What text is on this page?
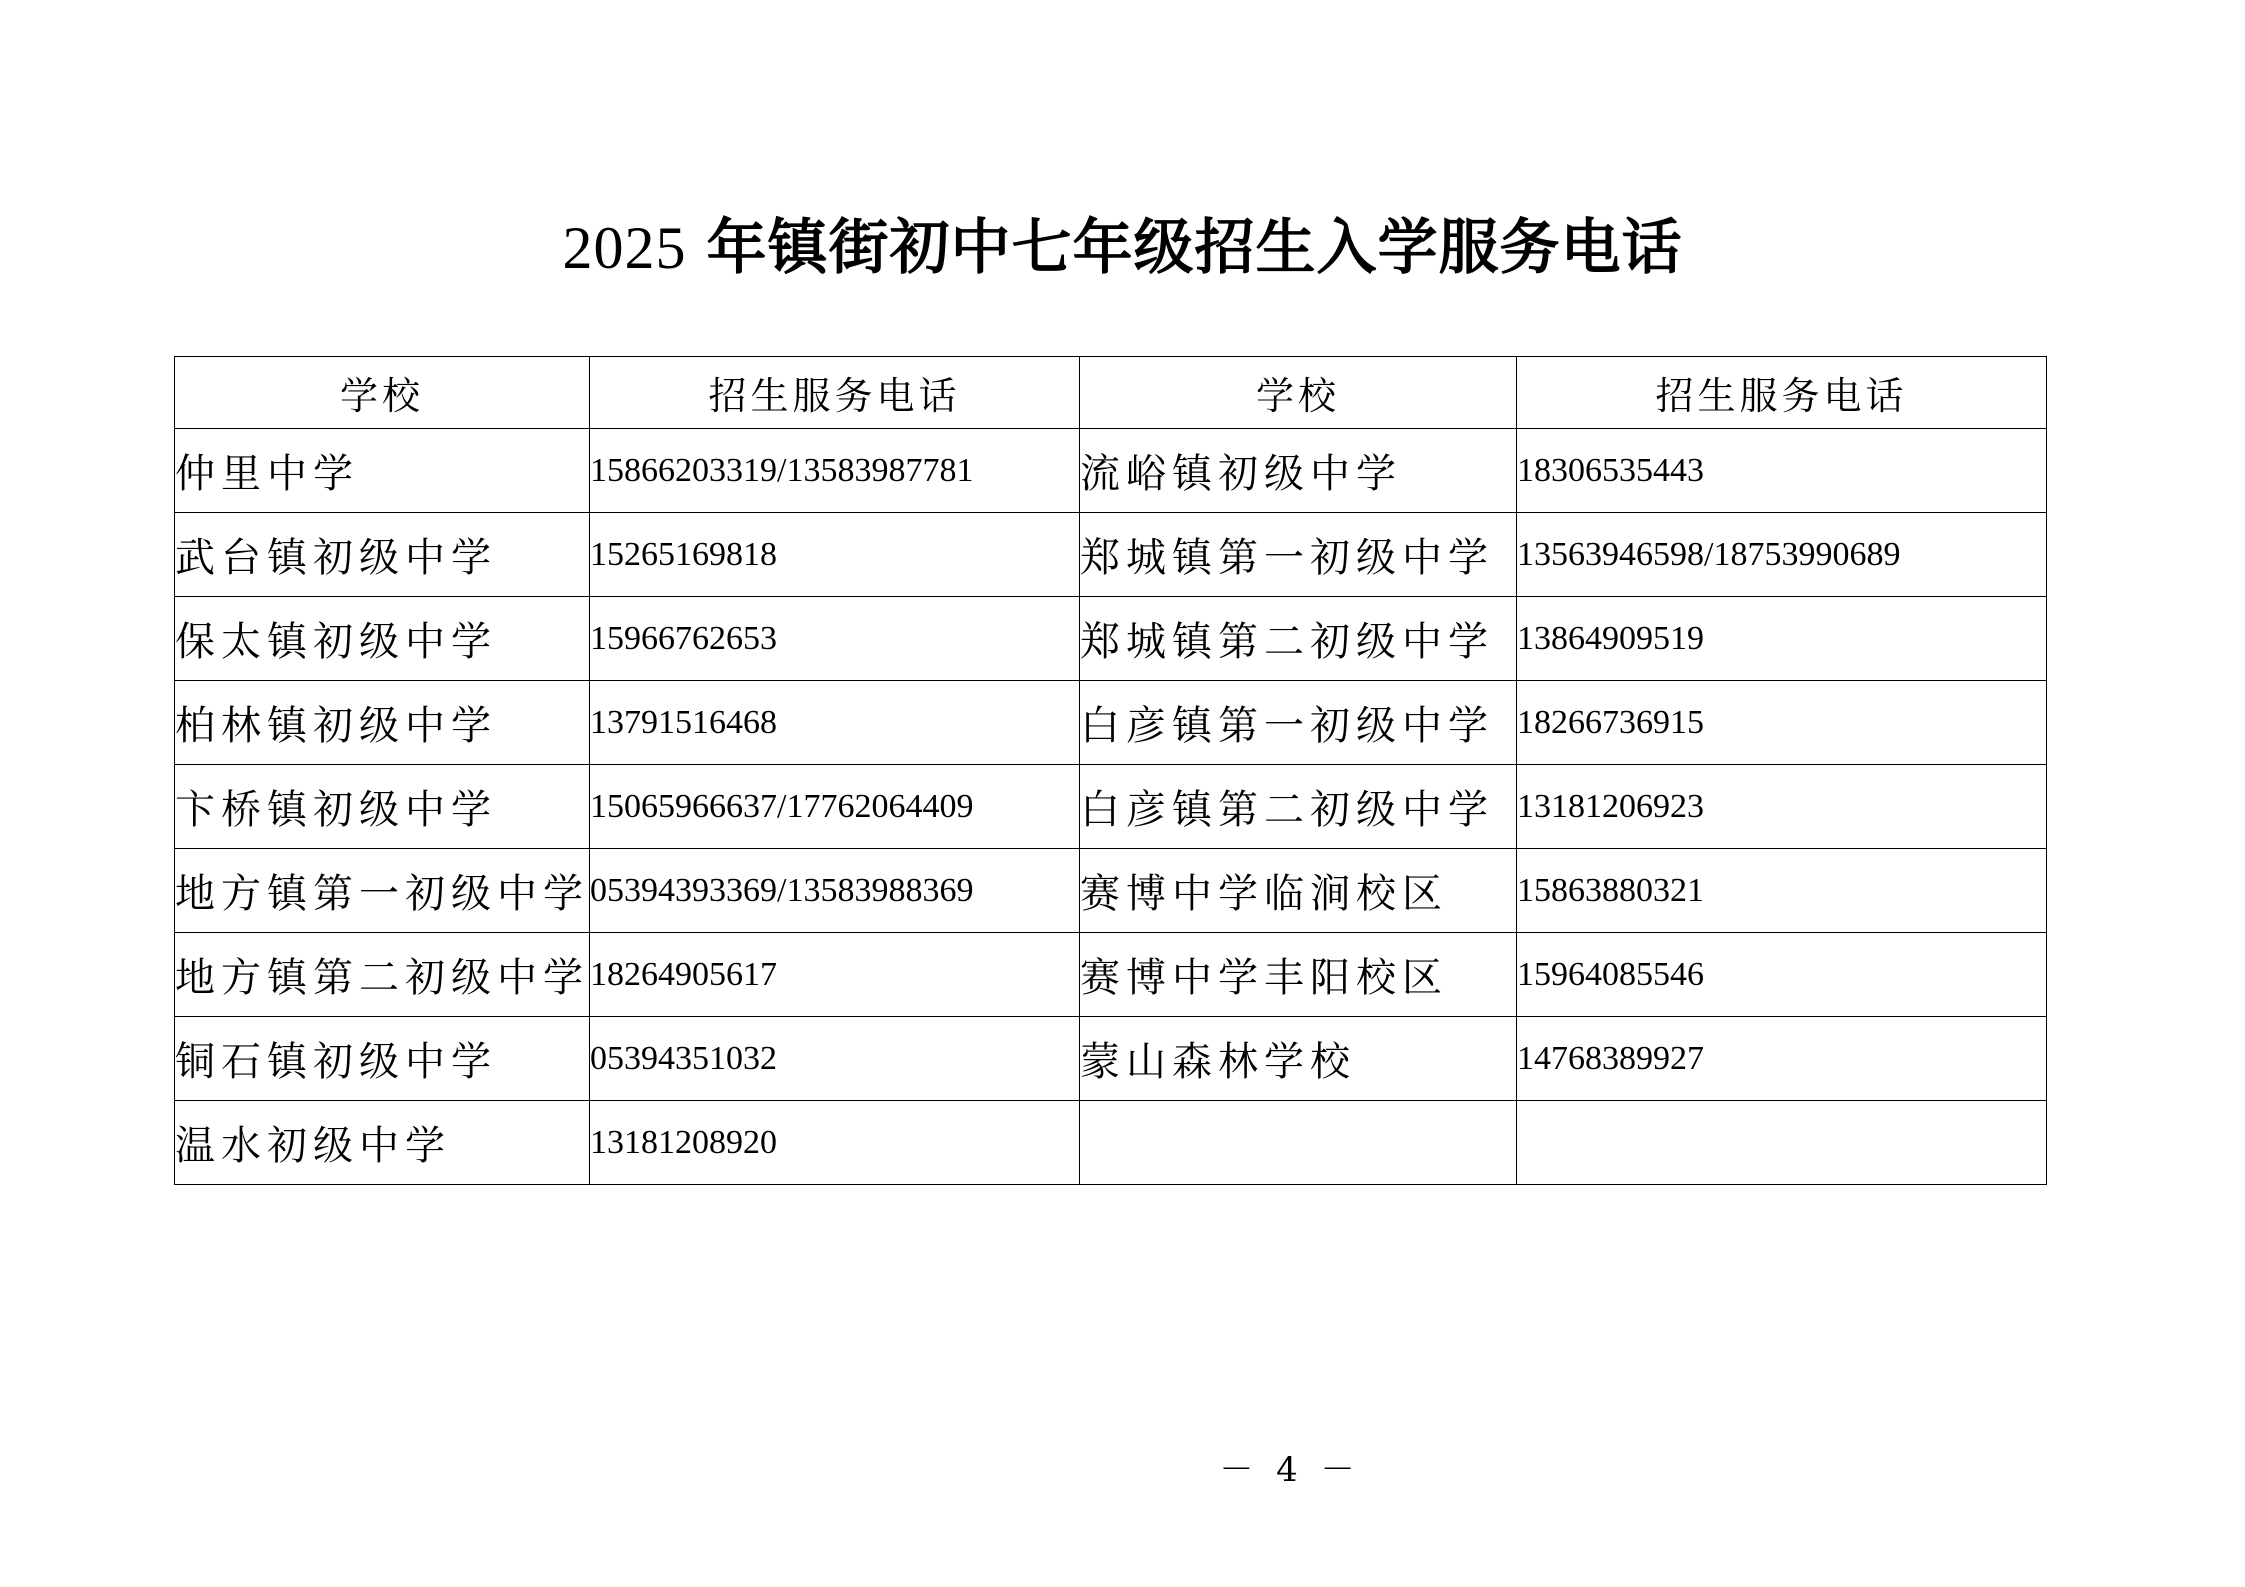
2025 年镇街初中七年级招生入学服务电话
学校	招生服务电话	学校	招生服务电话
仲里中学	15866203319/13583987781	流峪镇初级中学	18306535443
武台镇初级中学	15265169818	郑城镇第一初级中学	13563946598/18753990689
保太镇初级中学	15966762653	郑城镇第二初级中学	13864909519
柏林镇初级中学	13791516468	白彦镇第一初级中学	18266736915
卞桥镇初级中学	15065966637/17762064409	白彦镇第二初级中学	13181206923
地方镇第一初级中学	05394393369/13583988369	赛博中学临涧校区	15863880321
地方镇第二初级中学	18264905617	赛博中学丰阳校区	15964085546
铜石镇初级中学	05394351032	蒙山森林学校	14768389927
温水初级中学	13181208920		
－ 4 －
